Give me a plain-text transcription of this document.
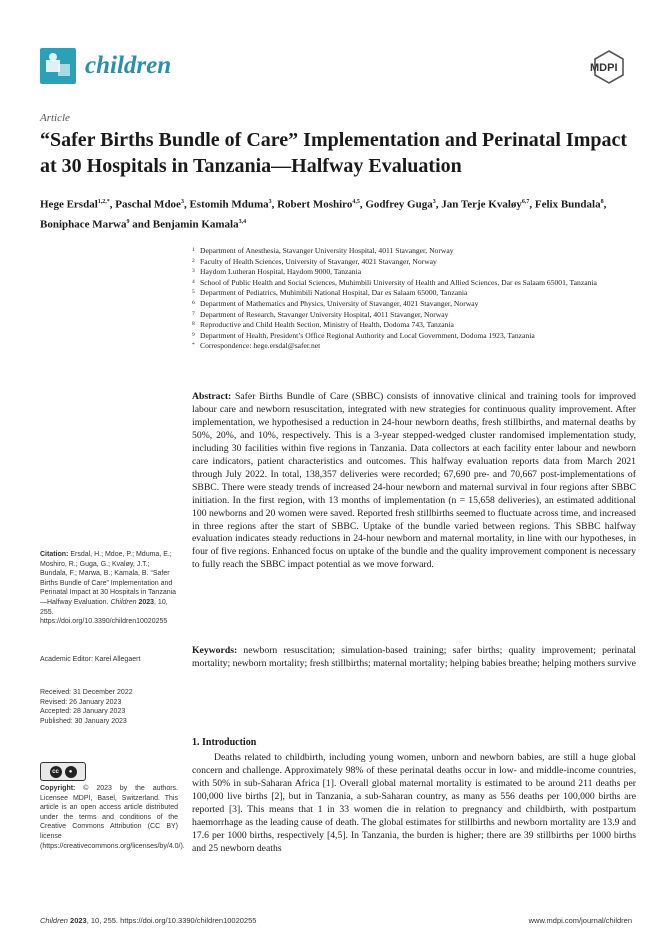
children	MDPI
Article
“Safer Births Bundle of Care” Implementation and Perinatal Impact at 30 Hospitals in Tanzania—Halfway Evaluation
Hege Ersdal$^{1,2,*}$, Paschal Mdoe$^3$, Estomih Mduma$^3$, Robert Moshiro$^{4,5}$, Godfrey Guga$^3$, Jan Terje Kvaløy$^{6,7}$, Felix Bundala$^8$, Boniphace Marwa$^9$ and Benjamin Kamala$^{3,4}$
1 Department of Anesthesia, Stavanger University Hospital, 4011 Stavanger, Norway
2 Faculty of Health Sciences, University of Stavanger, 4021 Stavanger, Norway
3 Haydom Lutheran Hospital, Haydom 9000, Tanzania
4 School of Public Health and Social Sciences, Muhimbili University of Health and Allied Sciences, Dar es Salaam 65001, Tanzania
5 Department of Pediatrics, Muhimbili National Hospital, Dar es Salaam 65000, Tanzania
6 Department of Mathematics and Physics, University of Stavanger, 4021 Stavanger, Norway
7 Department of Research, Stavanger University Hospital, 4011 Stavanger, Norway
8 Reproductive and Child Health Section, Ministry of Health, Dodoma 743, Tanzania
9 Department of Health, President’s Office Regional Authority and Local Government, Dodoma 1923, Tanzania
* Correspondence: hege.ersdal@safer.net
Abstract: Safer Births Bundle of Care (SBBC) consists of innovative clinical and training tools for improved labour care and newborn resuscitation, integrated with new strategies for continuous quality improvement. After implementation, we hypothesised a reduction in 24-hour newborn deaths, fresh stillbirths, and maternal deaths by 50%, 20%, and 10%, respectively. This is a 3-year stepped-wedged cluster randomised implementation study, including 30 facilities within five regions in Tanzania. Data collectors at each facility enter labour and newborn care indicators, patient characteristics and outcomes. This halfway evaluation reports data from March 2021 through July 2022. In total, 138,357 deliveries were recorded; 67,690 pre- and 70,667 post-implementations of SBBC. There were steady trends of increased 24-hour newborn and maternal survival in four regions after SBBC initiation. In the first region, with 13 months of implementation (n = 15,658 deliveries), an estimated additional 100 newborns and 20 women were saved. Reported fresh stillbirths seemed to fluctuate across time, and increased in three regions after the start of SBBC. Uptake of the bundle varied between regions. This SBBC halfway evaluation indicates steady reductions in 24-hour newborn and maternal mortality, in line with our hypotheses, in four of five regions. Enhanced focus on uptake of the bundle and the quality improvement component is necessary to fully reach the SBBC impact potential as we move forward.
Keywords: newborn resuscitation; simulation-based training; safer births; quality improvement; perinatal mortality; newborn mortality; fresh stillbirths; maternal mortality; helping babies breathe; helping mothers survive
Citation: Ersdal, H.; Mdoe, P.; Mduma, E.; Moshiro, R.; Guga, G.; Kvaløy, J.T.; Bundala, F.; Marwa, B.; Kamala, B. “Safer Births Bundle of Care” Implementation and Perinatal Impact at 30 Hospitals in Tanzania—Halfway Evaluation. Children 2023, 10, 255. https://doi.org/10.3390/children10020255
Academic Editor: Karel Allegaert
Received: 31 December 2022
Revised: 26 January 2023
Accepted: 28 January 2023
Published: 30 January 2023
cc	●
Copyright: © 2023 by the authors. Licensee MDPI, Basel, Switzerland. This article is an open access article distributed under the terms and conditions of the Creative Commons Attribution (CC BY) license (https://creativecommons.org/licenses/by/4.0/).
1. Introduction

Deaths related to childbirth, including young women, unborn and newborn babies, are still a huge global concern and challenge. Approximately 98% of these perinatal deaths occur in low- and middle-income countries, with 50% in sub-Saharan Africa [1]. Overall global maternal mortality is estimated to be around 211 deaths per 100,000 live births [2], but in Tanzania, a sub-Saharan country, as many as 556 deaths per 100,000 births are reported [3]. This means that 1 in 33 women die in relation to pregnancy and childbirth, with postpartum haemorrhage as the leading cause of death. The global estimates for stillbirths and newborn mortality are 13.9 and 17.6 per 1000 births, respectively [4,5]. In Tanzania, the burden is higher; there are 39 stillbirths per 1000 births and 25 newborn deaths

Children 2023, 10, 255. https://doi.org/10.3390/children10020255	www.mdpi.com/journal/children
